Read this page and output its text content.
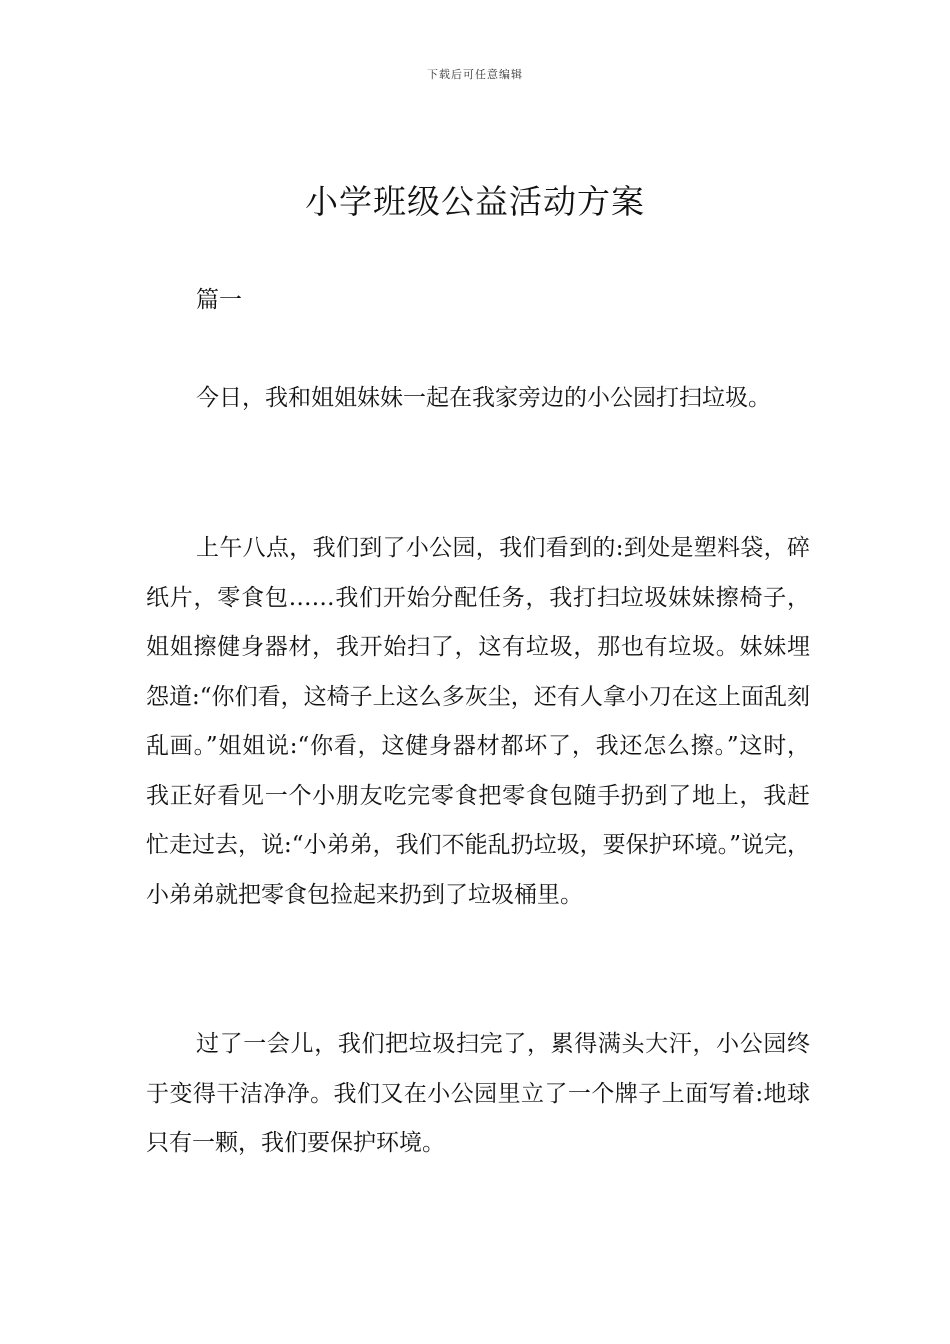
下载后可任意编辑
小学班级公益活动方案

篇一

今日，我和姐姐妹妹一起在我家旁边的小公园打扫垃圾。

上午八点，我们到了小公园，我们看到的:到处是塑料袋，碎纸片，零食包……我们开始分配任务，我打扫垃圾妹妹擦椅子，姐姐擦健身器材，我开始扫了，这有垃圾，那也有垃圾。妹妹埋怨道:“你们看，这椅子上这么多灰尘，还有人拿小刀在这上面乱刻乱画。”姐姐说:“你看，这健身器材都坏了，我还怎么擦。”这时，我正好看见一个小朋友吃完零食把零食包随手扔到了地上，我赶忙走过去，说:“小弟弟，我们不能乱扔垃圾，要保护环境。”说完，小弟弟就把零食包捡起来扔到了垃圾桶里。

过了一会儿，我们把垃圾扫完了，累得满头大汗，小公园终于变得干洁净净。我们又在小公园里立了一个牌子上面写着:地球只有一颗，我们要保护环境。
